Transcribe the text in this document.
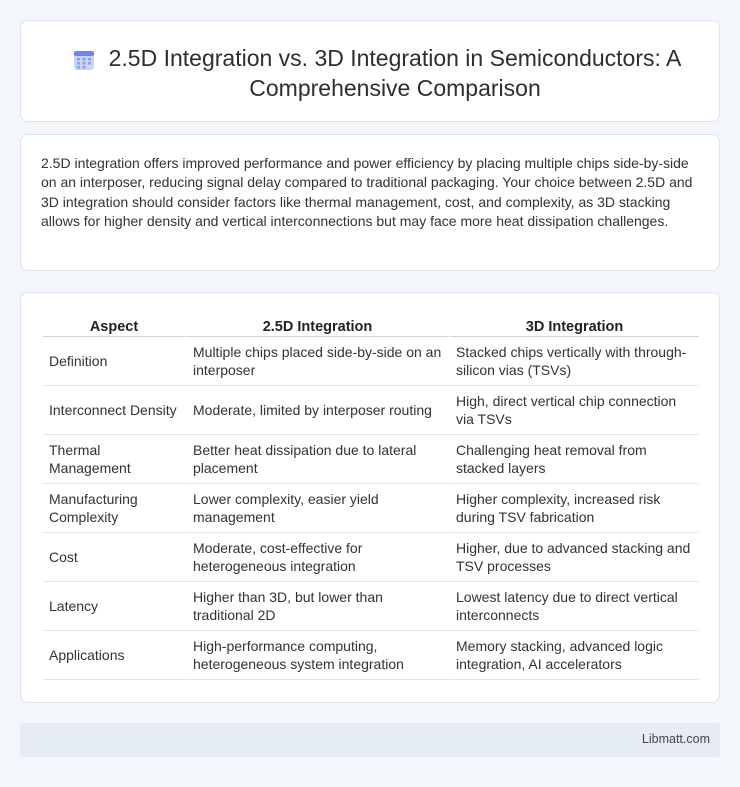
2.5D Integration vs. 3D Integration in Semiconductors: A Comprehensive Comparison

2.5D integration offers improved performance and power efficiency by placing multiple chips side-by-side on an interposer, reducing signal delay compared to traditional packaging. Your choice between 2.5D and 3D integration should consider factors like thermal management, cost, and complexity, as 3D stacking allows for higher density and vertical interconnections but may face more heat dissipation challenges.

Aspect	2.5D Integration	3D Integration
Definition	Multiple chips placed side-by-side on an interposer	Stacked chips vertically with through-silicon vias (TSVs)
Interconnect Density	Moderate, limited by interposer routing	High, direct vertical chip connection via TSVs
Thermal Management	Better heat dissipation due to lateral placement	Challenging heat removal from stacked layers
Manufacturing Complexity	Lower complexity, easier yield management	Higher complexity, increased risk during TSV fabrication
Cost	Moderate, cost-effective for heterogeneous integration	Higher, due to advanced stacking and TSV processes
Latency	Higher than 3D, but lower than traditional 2D	Lowest latency due to direct vertical interconnects
Applications	High-performance computing, heterogeneous system integration	Memory stacking, advanced logic integration, AI accelerators
Libmatt.com
